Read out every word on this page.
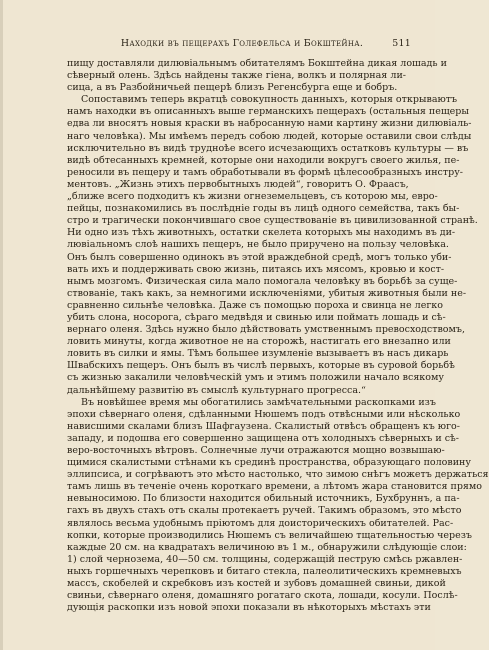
Находки въ пещерахъ Голефельса и Бокштейна.	511
пищу доставляли дилювiальнымъ обитателямъ Бокштейна дикая лошадь и
сѣверный олень. Здѣсь найдены также гiена, волкъ и полярная ли-
сица, а въ Разбойничьей пещерѣ близъ Регенсбурга еще и бобръ.
Сопоставимъ теперь вкратцѣ совокупность данныхъ, которыя открываютъ
намъ находки въ описанныхъ выше германскихъ пещерахъ (остальныя пещеры
едва ли вносятъ новыя краски въ набросанную нами картину жизни дилювiаль-
наго человѣка). Мы имѣемъ передъ собою людей, которые оставили свои слѣды
исключительно въ видѣ трудноѣе всего исчезающихъ остатковъ культуры — въ
видѣ обтесанныхъ кремней, которые они находили вокругъ своего жилья, пе-
реносили въ пещеру и тамъ обработывали въ формѣ цѣлесообразныхъ инстру-
ментовъ. „Жизнь этихъ первобытныхъ людей“, говоритъ О. Фраасъ,
„ближе всего подходитъ къ жизни огнеземельцевъ, съ которою мы, евро-
пейцы, познакомились въ послѣдніе годы въ лицѣ одного семейства, такъ бы-
стро и трагически покончившаго свое существованіе въ цивилизованной странѣ.
Ни одно изъ тѣхъ животныхъ, остатки скелета которыхъ мы находимъ въ ди-
лювiальномъ слоѣ нашихъ пещеръ, не было приручено на пользу человѣка.
Онъ былъ совершенно одинокъ въ этой враждебной средѣ, могъ только уби-
вать ихъ и поддерживать свою жизнь, питаясь ихъ мясомъ, кровью и кост-
нымъ мозгомъ. Физическая сила мало помогала человѣку въ борьбѣ за суще-
ствованіе, такъ какъ, за немногими исключеніями, убитыя животныя были не-
сравненно сильнѣе человѣка. Даже съ помощью пороха и свинца не легко
убить слона, носорога, сѣраго медвѣдя и свинью или поймать лошадь и сѣ-
вернаго оленя. Здѣсь нужно было дѣйствовать умственнымъ превосходствомъ,
ловить минуты, когда животное не на сторожѣ, настигать его внезапно или
ловить въ силки и ямы. Тѣмъ большее изумленіе вызываетъ въ насъ дикарь
Швабскихъ пещеръ. Онъ былъ въ числѣ первыхъ, которые въ суровой борьбѣ
съ жизнью закалили человѣческій умъ и этимъ положили начало всякому
дальнѣйшему развитію въ смыслѣ культурнаго прогресса.“
Въ новѣйшее время мы обогатились замѣчательными раскопками изъ
эпохи сѣвернаго оленя, сдѣланными Нюшемъ подъ отвѣсными или нѣсколько
нависшими скалами близъ Шафгаузена. Скалистый отвѣсъ обращенъ къ юго-
западу, и подошва его совершенно защищена отъ холодныхъ сѣверныхъ и сѣ-
веро-восточныхъ вѣтровъ. Солнечные лучи отражаются мощно возвышаю-
щимися скалистыми стѣнами къ срединѣ пространства, образующаго половину
эллипсиса, и согрѣваютъ это мѣсто настолько, что зимою снѣгъ можетъ держаться
тамъ лишь въ теченіе очень короткаго времени, а лѣтомъ жара становится прямо
невыносимою. По близости находится обильный источникъ, Бухбруннъ, а па-
гахъ въ двухъ стахъ отъ скалы протекаетъ ручей. Такимъ образомъ, это мѣсто
являлось весьма удобнымъ пріютомъ для доисторическихъ обитателей. Рас-
копки, которые производились Нюшемъ съ величайшею тщательностью черезъ
каждые 20 см. на квадратахъ величиною въ 1 м., обнаружили слѣдующіе слои:
1) слой чернозема, 40—50 см. толщины, содержащій пеструю смѣсь ржавлен-
ныхъ горшечныхъ черепковъ и битаго стекла, палеолитическихъ кремневыхъ
массъ, скобелей и скребковъ изъ костей и зубовъ домашней свиньи, дикой
свиньи, сѣвернаго оленя, домашняго рогатаго скота, лошади, косули. Послѣ-
дующія раскопки изъ новой эпохи показали въ нѣкоторыхъ мѣстахъ эти
